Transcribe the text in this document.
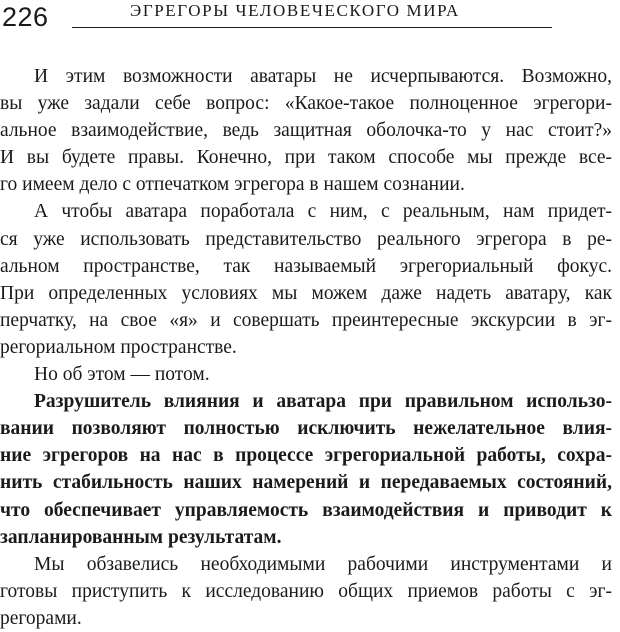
226	ЭГРЕГОРЫ ЧЕЛОВЕЧЕСКОГО МИРА
И этим возможности аватары не исчерпываются. Возможно,
вы уже задали себе вопрос: «Какое-такое полноценное эгрегори-
альное взаимодействие, ведь защитная оболочка-то у нас стоит?»
И вы будете правы. Конечно, при таком способе мы прежде все-
го имеем дело с отпечатком эгрегора в нашем сознании.
А чтобы аватара поработала с ним, с реальным, нам придет-
ся уже использовать представительство реального эгрегора в ре-
альном пространстве, так называемый эгрегориальный фокус.
При определенных условиях мы можем даже надеть аватару, как
перчатку, на свое «я» и совершать преинтересные экскурсии в эг-
регориальном пространстве.
Но об этом — потом.
Разрушитель влияния и аватара при правильном использо-
вании позволяют полностью исключить нежелательное влия-
ние эгрегоров на нас в процессе эгрегориальной работы, сохра-
нить стабильность наших намерений и передаваемых состояний,
что обеспечивает управляемость взаимодействия и приводит к
запланированным результатам.
Мы обзавелись необходимыми рабочими инструментами и
готовы приступить к исследованию общих приемов работы с эг-
регорами.
